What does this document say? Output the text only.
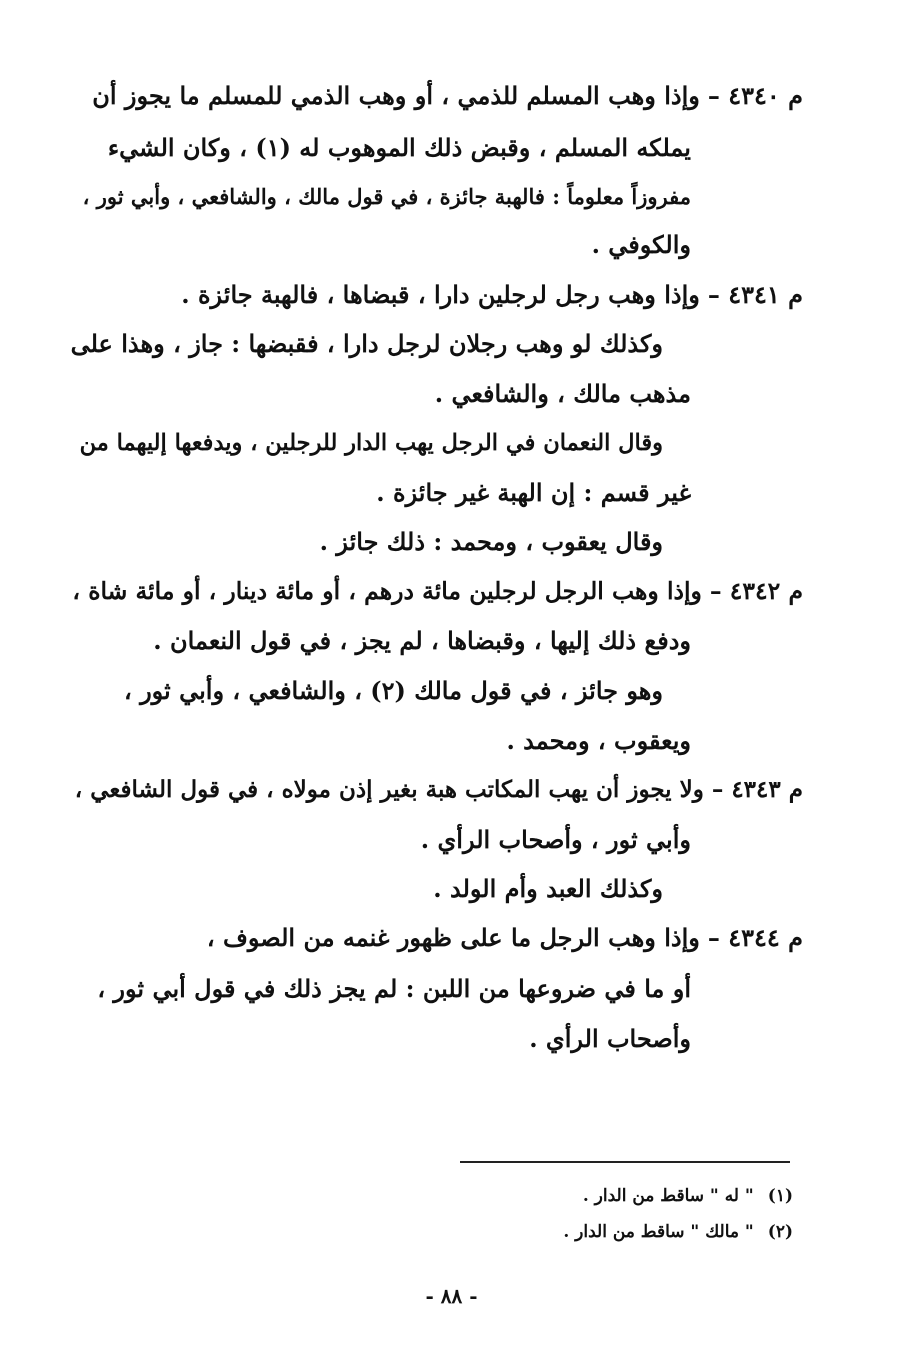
م ٤٣٤٠ –وإذا وهب المسلم للذمي ، أو وهب الذمي للمسلم ما يجوز أن
يملكه المسلم ، وقبض ذلك الموهوب له (١) ، وكان الشيء
مفروزاً معلوماً : فالهبة جائزة ، في قول مالك ، والشافعي ، وأبي ثور ،
والكوفي .
م ٤٣٤١ –وإذا وهب رجل لرجلين دارا ، قبضاها ، فالهبة جائزة .
وكذلك لو وهب رجلان لرجل دارا ، فقبضها : جاز ، وهذا على
مذهب مالك ، والشافعي .
وقال النعمان في الرجل يهب الدار للرجلين ، ويدفعها إليهما من
غير قسم : إن الهبة غير جائزة .
وقال يعقوب ، ومحمد : ذلك جائز .
م ٤٣٤٢ –وإذا وهب الرجل لرجلين مائة درهم ، أو مائة دينار ، أو مائة شاة ،
ودفع ذلك إليها ، وقبضاها ، لم يجز ، في قول النعمان .
وهو جائز ، في قول مالك (٢) ، والشافعي ، وأبي ثور ،
ويعقوب ، ومحمد .
م ٤٣٤٣ –ولا يجوز أن يهب المكاتب هبة بغير إذن مولاه ، في قول الشافعي ،
وأبي ثور ، وأصحاب الرأي .
وكذلك العبد وأم الولد .
م ٤٣٤٤ –وإذا وهب الرجل ما على ظهور غنمه من الصوف ،
أو ما في ضروعها من اللبن : لم يجز ذلك في قول أبي ثور ،
وأصحاب الرأي .
(١)" له " ساقط من الدار .
(٢)" مالك " ساقط من الدار .
- ٨٨ -
